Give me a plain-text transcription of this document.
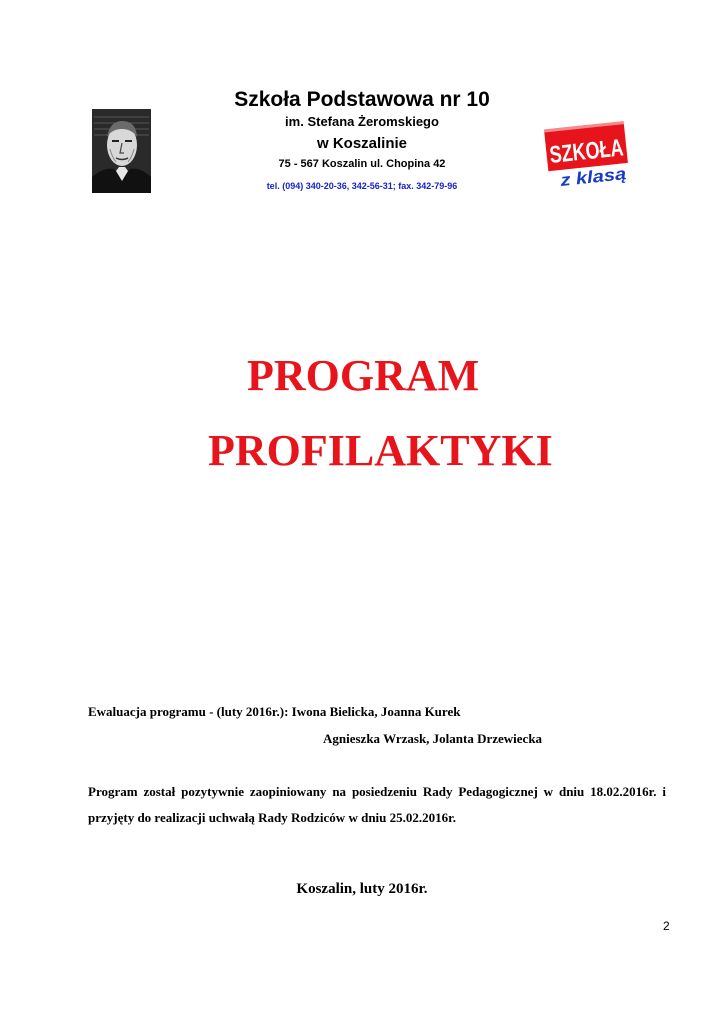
Szkoła Podstawowa nr 10
im. Stefana Żeromskiego
w Koszalinie
75 - 567 Koszalin ul. Chopina 42
tel. (094) 340-20-36, 342-56-31; fax. 342-79-96
SZKOŁA
z klasą
PROGRAM
PROFILAKTYKI
Ewaluacja programu - (luty 2016r.): Iwona Bielicka, Joanna Kurek
Agnieszka Wrzask, Jolanta Drzewiecka
Program został pozytywnie zaopiniowany na posiedzeniu Rady Pedagogicznej w dniu 18.02.2016r. i przyjęty do realizacji uchwałą Rady Rodziców w dniu 25.02.2016r.
Koszalin, luty 2016r.
2
